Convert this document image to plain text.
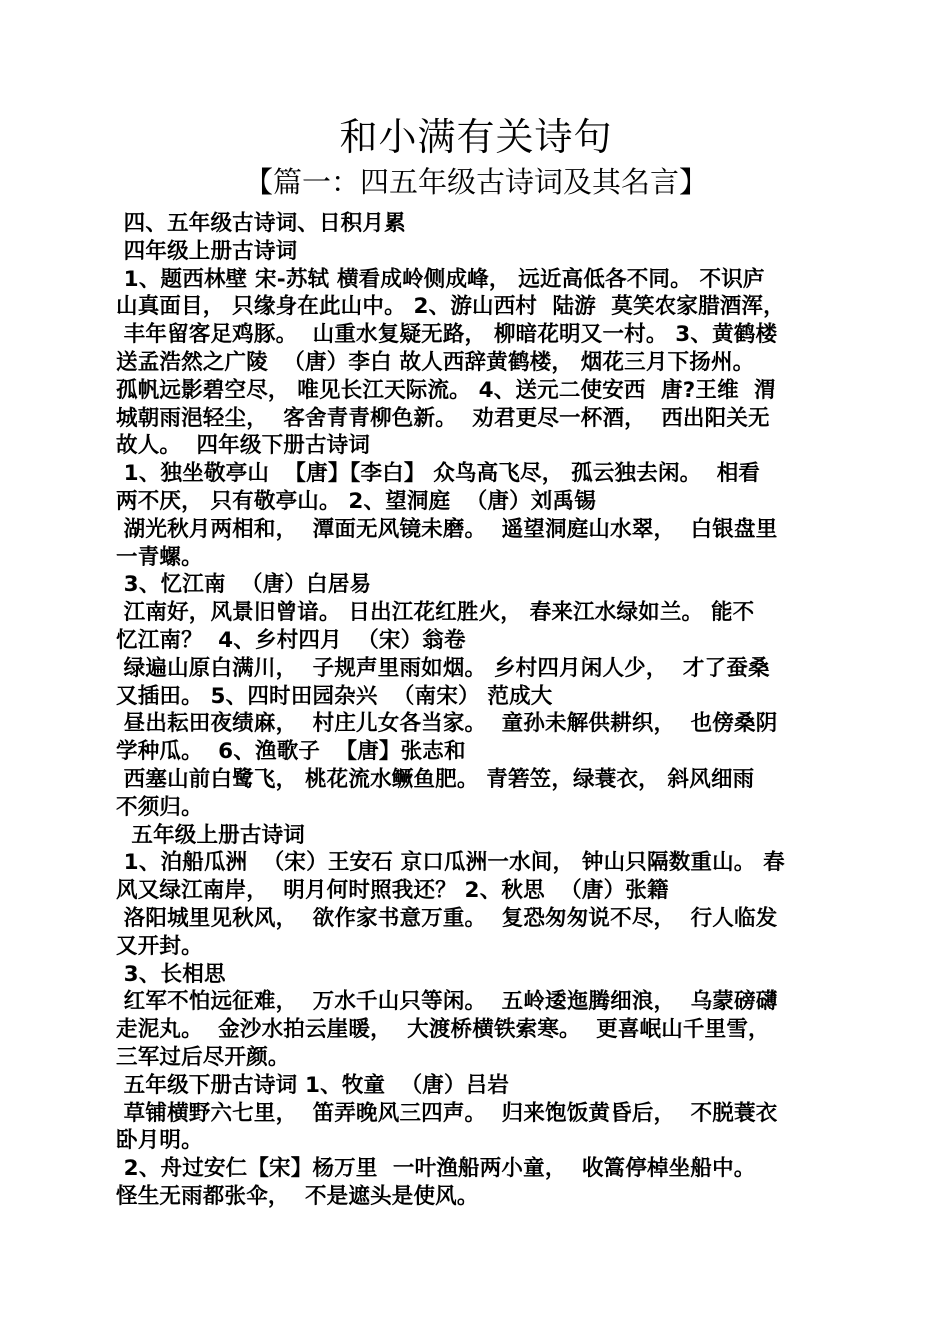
和小满有关诗句
【篇一：四五年级古诗词及其名言】
四、五年级古诗词、日积月累
四年级上册古诗词
1、题西林壁 宋-苏轼 横看成岭侧成峰， 远近高低各不同。 不识庐
山真面目， 只缘身在此山中。 2、游山西村  陆游  莫笑农家腊酒浑，
丰年留客足鸡豚。  山重水复疑无路， 柳暗花明又一村。 3、黄鹤楼
送孟浩然之广陵  （唐）李白 故人西辞黄鹤楼， 烟花三月下扬州。
孤帆远影碧空尽， 唯见长江天际流。 4、送元二使安西  唐?王维  渭
城朝雨浥轻尘，  客舍青青柳色新。  劝君更尽一杯酒，  西出阳关无
故人。  四年级下册古诗词
1、独坐敬亭山  【唐】【李白】 众鸟高飞尽， 孤云独去闲。  相看
两不厌， 只有敬亭山。 2、望洞庭  （唐）刘禹锡
湖光秋月两相和，  潭面无风镜未磨。  遥望洞庭山水翠，  白银盘里
一青螺。
3、忆江南  （唐）白居易
江南好，风景旧曾谙。 日出江花红胜火， 春来江水绿如兰。 能不
忆江南？  4、乡村四月  （宋）翁卷
绿遍山原白满川，  子规声里雨如烟。 乡村四月闲人少，  才了蚕桑
又插田。 5、四时田园杂兴  （南宋） 范成大
昼出耘田夜绩麻，  村庄儿女各当家。  童孙未解供耕织，  也傍桑阴
学种瓜。  6、渔歌子  【唐】张志和
西塞山前白鹭飞， 桃花流水鳜鱼肥。 青箬笠，绿蓑衣， 斜风细雨
不须归。
五年级上册古诗词
1、泊船瓜洲  （宋）王安石 京口瓜洲一水间， 钟山只隔数重山。 春
风又绿江南岸，  明月何时照我还？ 2、秋思  （唐）张籍
洛阳城里见秋风，  欲作家书意万重。  复恐匆匆说不尽，  行人临发
又开封。
3、长相思
红军不怕远征难，  万水千山只等闲。  五岭逶迤腾细浪，  乌蒙磅礴
走泥丸。  金沙水拍云崖暖，  大渡桥横铁索寒。  更喜岷山千里雪，
三军过后尽开颜。
五年级下册古诗词 1、牧童  （唐）吕岩
草铺横野六七里，  笛弄晚风三四声。  归来饱饭黄昏后，  不脱蓑衣
卧月明。
2、舟过安仁【宋】杨万里  一叶渔船两小童，  收篙停棹坐船中。
怪生无雨都张伞，  不是遮头是使风。
